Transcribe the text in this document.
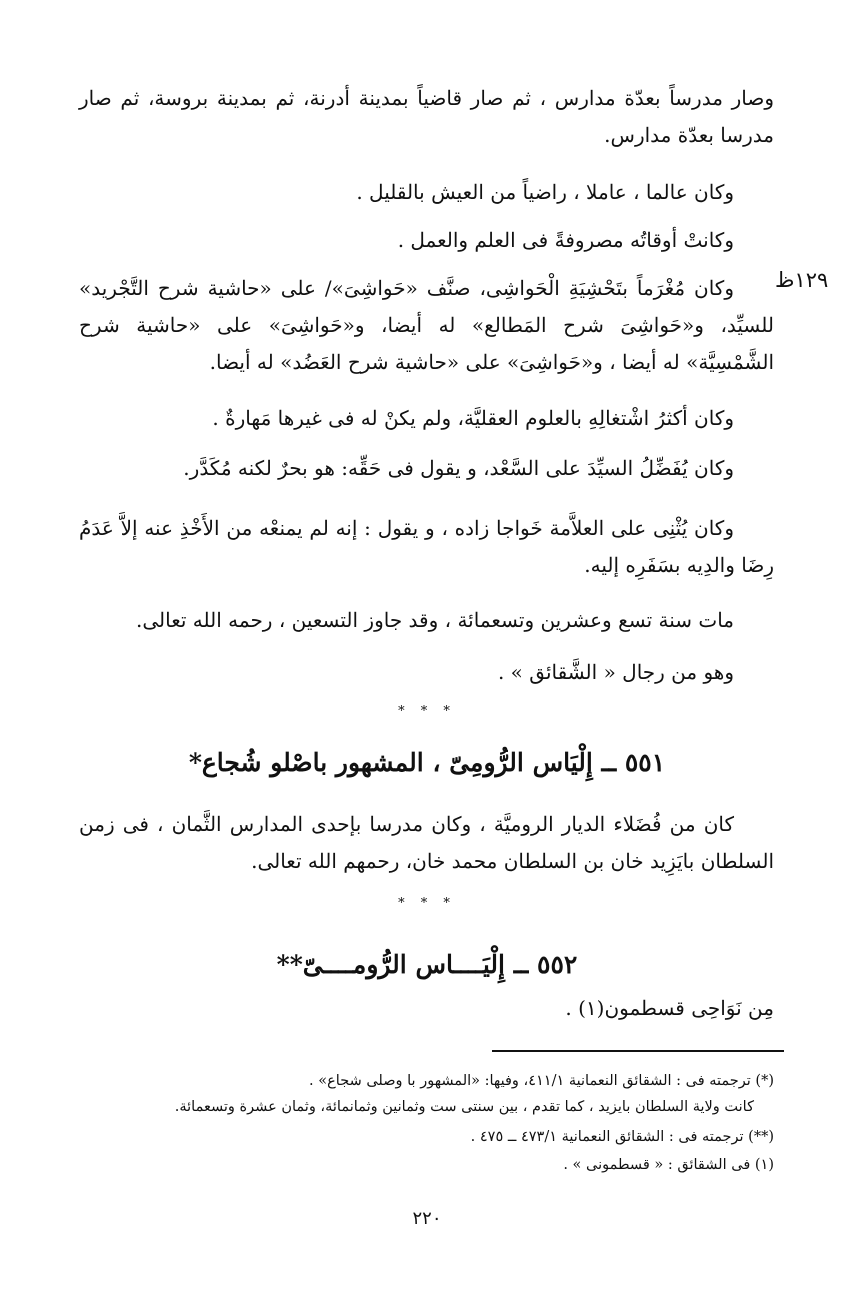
١٢٩ظ

وصار مدرساً بعدّة مدارس ، ثم صار قاضياً بمدينة أدرنة، ثم بمدينة بروسة، ثم صار مدرسا بعدّة مدارس.

وكان عالما ، عاملا ، راضياً من العيش بالقليل .

وكانتْ أوقاتُه مصروفةً فى العلم والعمل .

وكان مُغْرَماً بتَحْشِيَةِ الْحَواشِى، صنَّف «حَواشِىَ»/ على «حاشية شرح التَّجْريد» للسيِّد، و«حَواشِىَ شرح المَطالع» له أيضا، و«حَواشِىَ» على «حاشية شرح الشَّمْسِيَّة» له أيضا ، و«حَواشِىَ» على «حاشية شرح العَضُد» له أيضا.

وكان أكثرُ اشْتغالِهِ بالعلوم العقليَّة، ولم يكنْ له فى غيرها مَهارةٌ .

وكان يُفَضِّلُ السيِّدَ على السَّعْد، و يقول فى حَقِّه: هو بحرٌ لكنه مُكَدَّر.

وكان يُثْنِى على العلاَّمة خَواجا زاده ، و يقول : إنه لم يمنعْه من الأَخْذِ عنه إلاَّ عَدَمُ رِضَا والدِيه بسَفَرِه إليه.

مات سنة تسع وعشرين وتسعمائة ، وقد جاوز التسعين ، رحمه الله تعالى.

وهو من رجال « الشَّقائق » .

* * *
٥٥١ ــ إِلْيَاس الرُّومِىّ ، المشهور باصْلو شُجاع*

كان من فُضَلاء الديار الروميَّة ، وكان مدرسا بإحدى المدارس الثَّمان ، فى زمن السلطان بايَزِيد خان بن السلطان محمد خان، رحمهم الله تعالى.

* * *
٥٥٢ ــ إِلْيَــــاس الرُّومــــىّ**

مِن نَوَاحِى قسطمون(١) .

(*) ترجمته فى : الشقائق النعمانية ٤١١/١، وفيها: «المشهور با وصلى شجاع» .
كانت ولاية السلطان بايزيد ، كما تقدم ، بين سنتى ست وثمانين وثمانمائة، وثمان عشرة وتسعمائة.
(**) ترجمته فى : الشقائق النعمانية ٤٧٣/١ ــ ٤٧٥ .
(١) فى الشقائق : « قسطمونى » .
٢٢٠
